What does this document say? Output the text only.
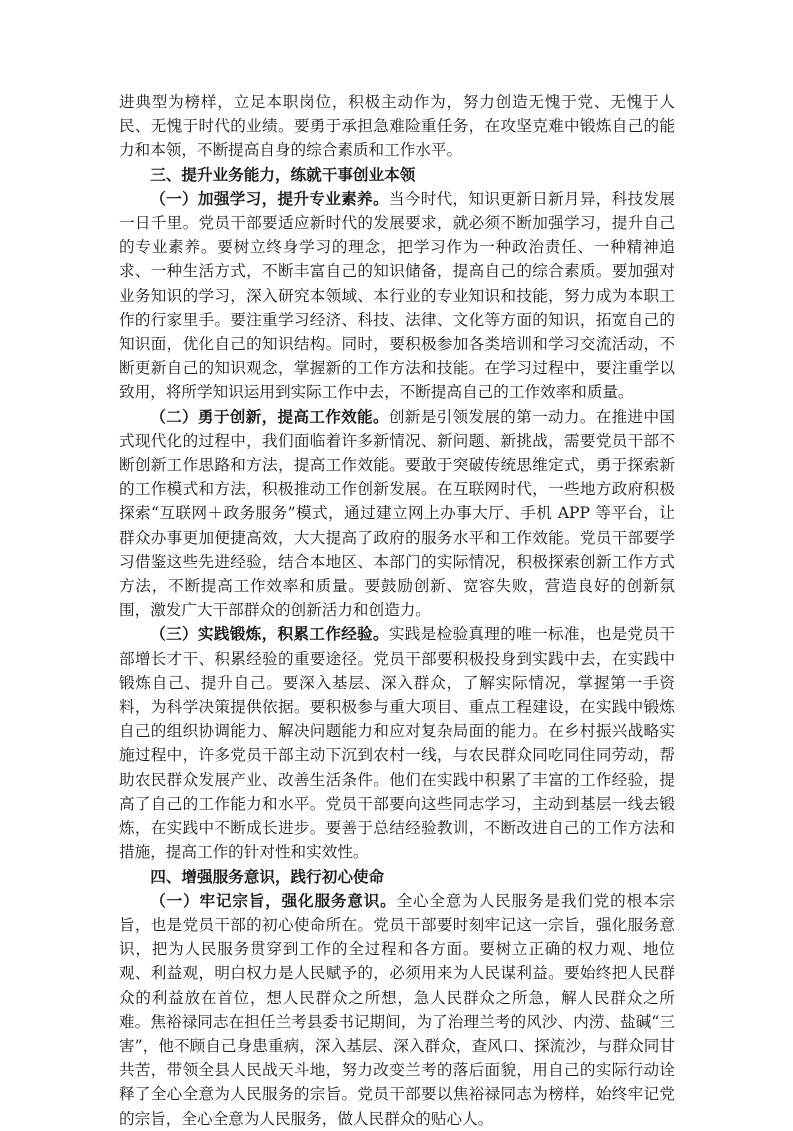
进典型为榜样，立足本职岗位，积极主动作为，努力创造无愧于党、无愧于人民、无愧于时代的业绩。要勇于承担急难险重任务，在攻坚克难中锻炼自己的能力和本领，不断提高自身的综合素质和工作水平。

三、提升业务能力，练就干事创业本领

（一）加强学习，提升专业素养。当今时代，知识更新日新月异，科技发展一日千里。党员干部要适应新时代的发展要求，就必须不断加强学习，提升自己的专业素养。要树立终身学习的理念，把学习作为一种政治责任、一种精神追求、一种生活方式，不断丰富自己的知识储备，提高自己的综合素质。要加强对业务知识的学习，深入研究本领域、本行业的专业知识和技能，努力成为本职工作的行家里手。要注重学习经济、科技、法律、文化等方面的知识，拓宽自己的知识面，优化自己的知识结构。同时，要积极参加各类培训和学习交流活动，不断更新自己的知识观念，掌握新的工作方法和技能。在学习过程中，要注重学以致用，将所学知识运用到实际工作中去，不断提高自己的工作效率和质量。

（二）勇于创新，提高工作效能。创新是引领发展的第一动力。在推进中国式现代化的过程中，我们面临着许多新情况、新问题、新挑战，需要党员干部不断创新工作思路和方法，提高工作效能。要敢于突破传统思维定式，勇于探索新的工作模式和方法，积极推动工作创新发展。在互联网时代，一些地方政府积极探索“互联网＋政务服务”模式，通过建立网上办事大厅、手机 APP 等平台，让群众办事更加便捷高效，大大提高了政府的服务水平和工作效能。党员干部要学习借鉴这些先进经验，结合本地区、本部门的实际情况，积极探索创新工作方式方法，不断提高工作效率和质量。要鼓励创新、宽容失败，营造良好的创新氛围，激发广大干部群众的创新活力和创造力。

（三）实践锻炼，积累工作经验。实践是检验真理的唯一标准，也是党员干部增长才干、积累经验的重要途径。党员干部要积极投身到实践中去，在实践中锻炼自己、提升自己。要深入基层、深入群众，了解实际情况，掌握第一手资料，为科学决策提供依据。要积极参与重大项目、重点工程建设，在实践中锻炼自己的组织协调能力、解决问题能力和应对复杂局面的能力。在乡村振兴战略实施过程中，许多党员干部主动下沉到农村一线，与农民群众同吃同住同劳动，帮助农民群众发展产业、改善生活条件。他们在实践中积累了丰富的工作经验，提高了自己的工作能力和水平。党员干部要向这些同志学习，主动到基层一线去锻炼，在实践中不断成长进步。要善于总结经验教训，不断改进自己的工作方法和措施，提高工作的针对性和实效性。

四、增强服务意识，践行初心使命

（一）牢记宗旨，强化服务意识。全心全意为人民服务是我们党的根本宗旨，也是党员干部的初心使命所在。党员干部要时刻牢记这一宗旨，强化服务意识，把为人民服务贯穿到工作的全过程和各方面。要树立正确的权力观、地位观、利益观，明白权力是人民赋予的，必须用来为人民谋利益。要始终把人民群众的利益放在首位，想人民群众之所想，急人民群众之所急，解人民群众之所难。焦裕禄同志在担任兰考县委书记期间，为了治理兰考的风沙、内涝、盐碱“三害”，他不顾自己身患重病，深入基层、深入群众，查风口、探流沙，与群众同甘共苦，带领全县人民战天斗地，努力改变兰考的落后面貌，用自己的实际行动诠释了全心全意为人民服务的宗旨。党员干部要以焦裕禄同志为榜样，始终牢记党的宗旨，全心全意为人民服务，做人民群众的贴心人。
